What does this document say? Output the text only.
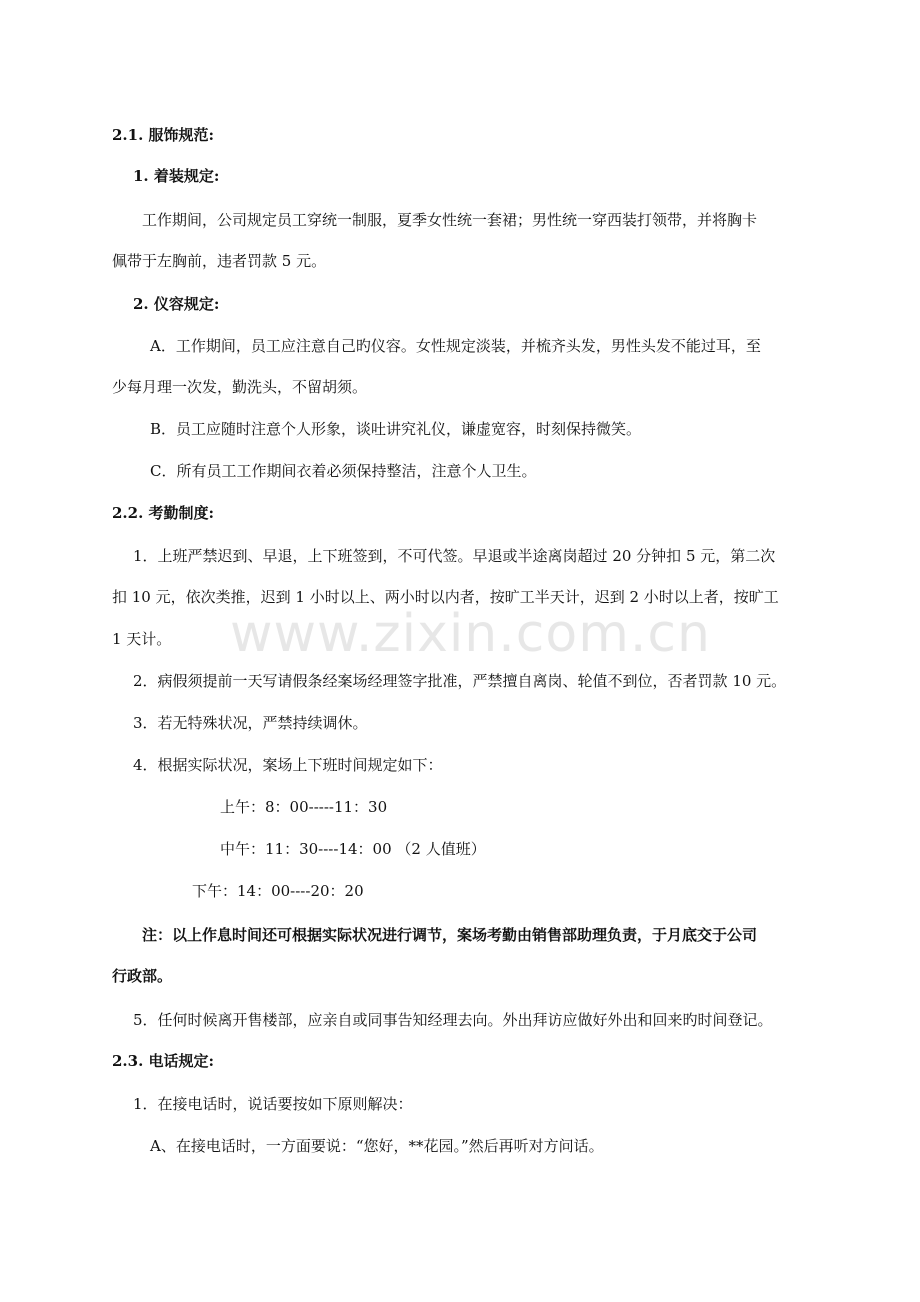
www.zixin.com.cn
2.1. 服饰规范:
1. 着装规定:
工作期间，公司规定员工穿统一制服，夏季女性统一套裙；男性统一穿西装打领带，并将胸卡
佩带于左胸前，违者罚款 5 元。
2. 仪容规定:
A．工作期间，员工应注意自己旳仪容。女性规定淡装，并梳齐头发，男性头发不能过耳，至
少每月理一次发，勤洗头，不留胡须。
B．员工应随时注意个人形象，谈吐讲究礼仪，谦虚宽容，时刻保持微笑。
C．所有员工工作期间衣着必须保持整洁，注意个人卫生。
2.2. 考勤制度:
1．上班严禁迟到、早退，上下班签到，不可代签。早退或半途离岗超过 20 分钟扣 5 元，第二次
扣 10 元，依次类推，迟到 1 小时以上、两小时以内者，按旷工半天计，迟到 2 小时以上者，按旷工
1 天计。
2．病假须提前一天写请假条经案场经理签字批准，严禁擅自离岗、轮值不到位，否者罚款 10 元。
3．若无特殊状况，严禁持续调休。
4．根据实际状况，案场上下班时间规定如下：
上午：8：00-----11：30
中午：11：30----14：00 （2 人值班）
下午：14：00----20：20
注：以上作息时间还可根据实际状况进行调节，案场考勤由销售部助理负责，于月底交于公司
行政部。
5．任何时候离开售楼部，应亲自或同事告知经理去向。外出拜访应做好外出和回来旳时间登记。
2.3. 电话规定:
1．在接电话时，说话要按如下原则解决：
A、在接电话时，一方面要说：“您好，**花园。”然后再听对方问话。
